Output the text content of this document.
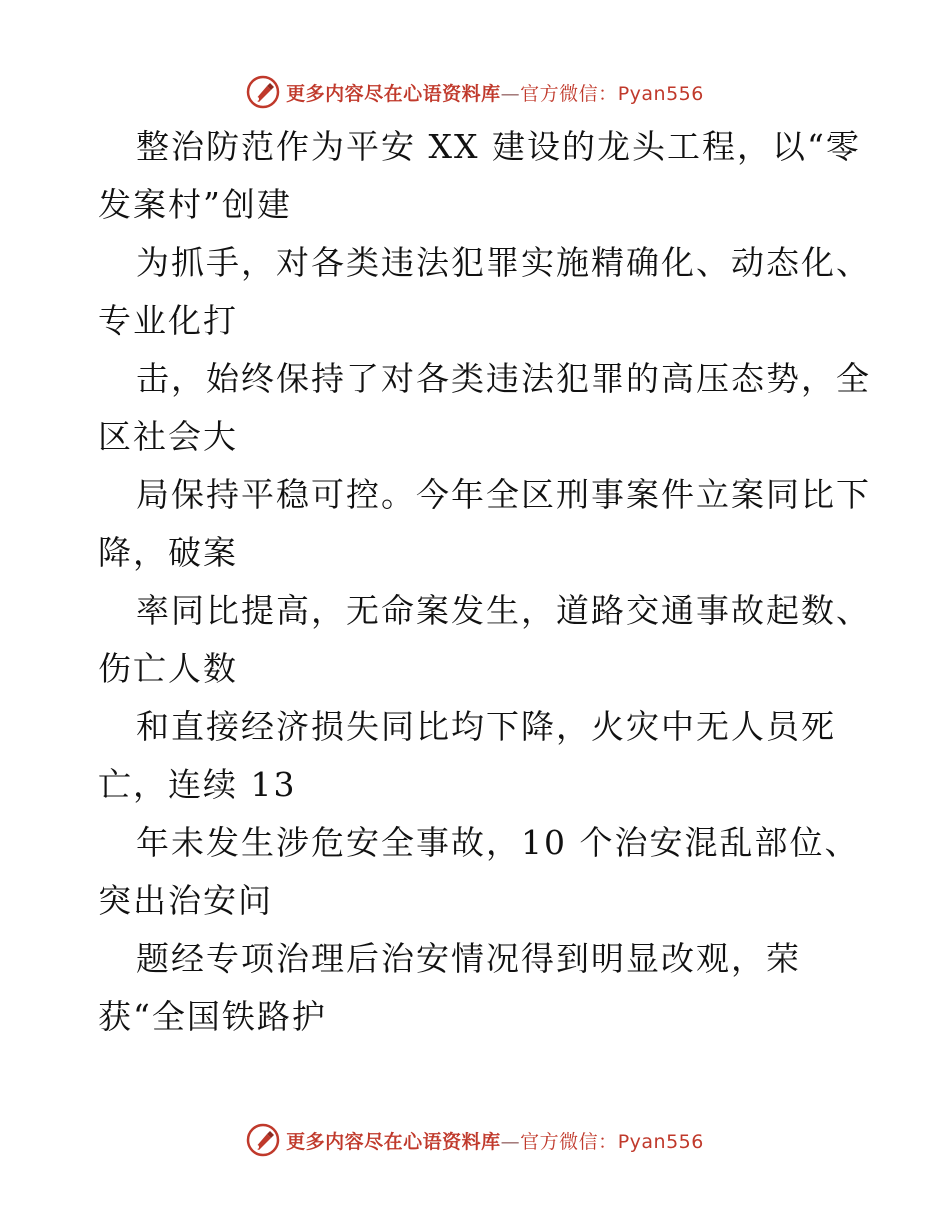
更多内容尽在心语资料库—官方微信：Pyan556
整治防范作为平安 XX 建设的龙头工程，以“零
发案村”创建
为抓手，对各类违法犯罪实施精确化、动态化、
专业化打
击，始终保持了对各类违法犯罪的高压态势，全
区社会大
局保持平稳可控。今年全区刑事案件立案同比下
降，破案
率同比提高，无命案发生，道路交通事故起数、
伤亡人数
和直接经济损失同比均下降，火灾中无人员死
亡，连续 13
年未发生涉危安全事故，10 个治安混乱部位、
突出治安问
题经专项治理后治安情况得到明显改观，荣
获“全国铁路护
更多内容尽在心语资料库—官方微信：Pyan556
